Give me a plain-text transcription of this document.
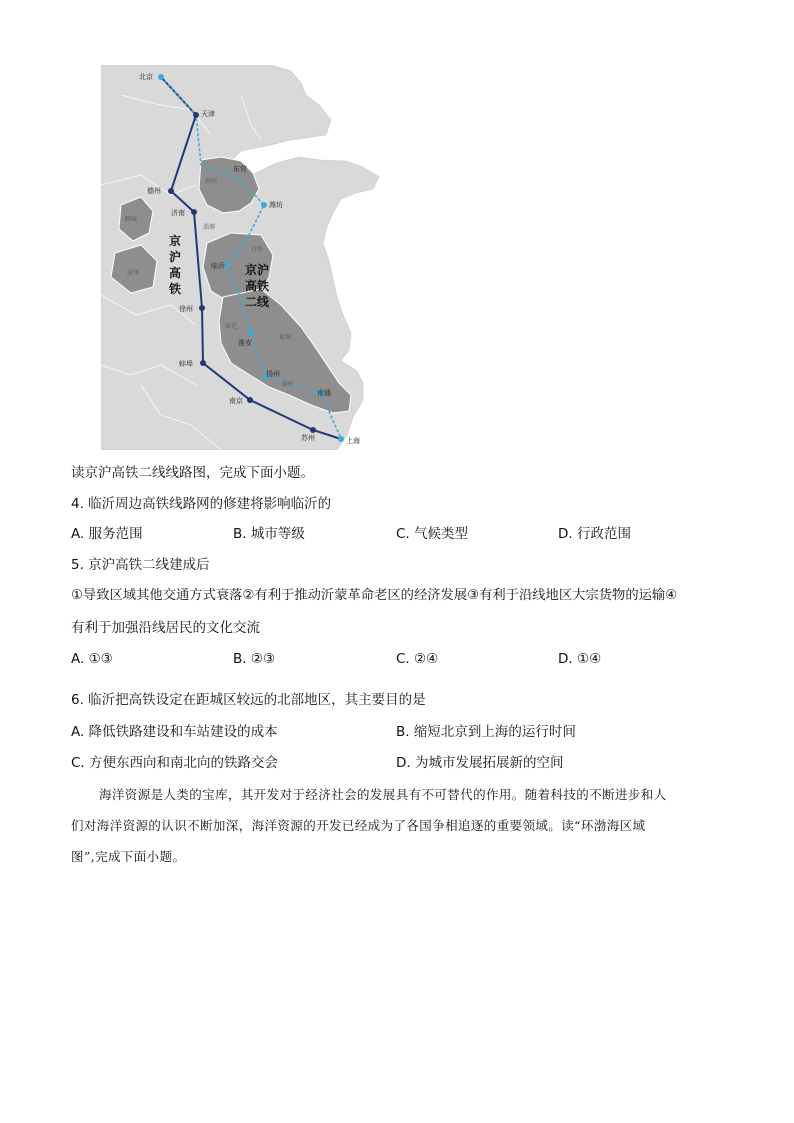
北京
天津
东营
潍坊
德州
济南
聊城
菏泽
临沂
日照
徐州
宿迁
淮安
盐城
蚌埠
扬州
泰州
南通
南京
苏州	上海
滨州
淄博
京
沪
高
铁
京沪
高铁
二线
读京沪高铁二线线路图，完成下面小题。
4. 临沂周边高铁线路网的修建将影响临沂的
A. 服务范围	B. 城市等级	C. 气候类型	D. 行政范围
5. 京沪高铁二线建成后
①导致区域其他交通方式衰落②有利于推动沂蒙革命老区的经济发展③有利于沿线地区大宗货物的运输④
有利于加强沿线居民的文化交流
A. ①③	B. ②③	C. ②④	D. ①④
6. 临沂把高铁设定在距城区较远的北部地区，其主要目的是
A. 降低铁路建设和车站建设的成本	B. 缩短北京到上海的运行时间
C. 方便东西向和南北向的铁路交会	D. 为城市发展拓展新的空间
海洋资源是人类的宝库，其开发对于经济社会的发展具有不可替代的作用。随着科技的不断进步和人
们对海洋资源的认识不断加深，海洋资源的开发已经成为了各国争相追逐的重要领域。读“环渤海区域
图”,完成下面小题。
